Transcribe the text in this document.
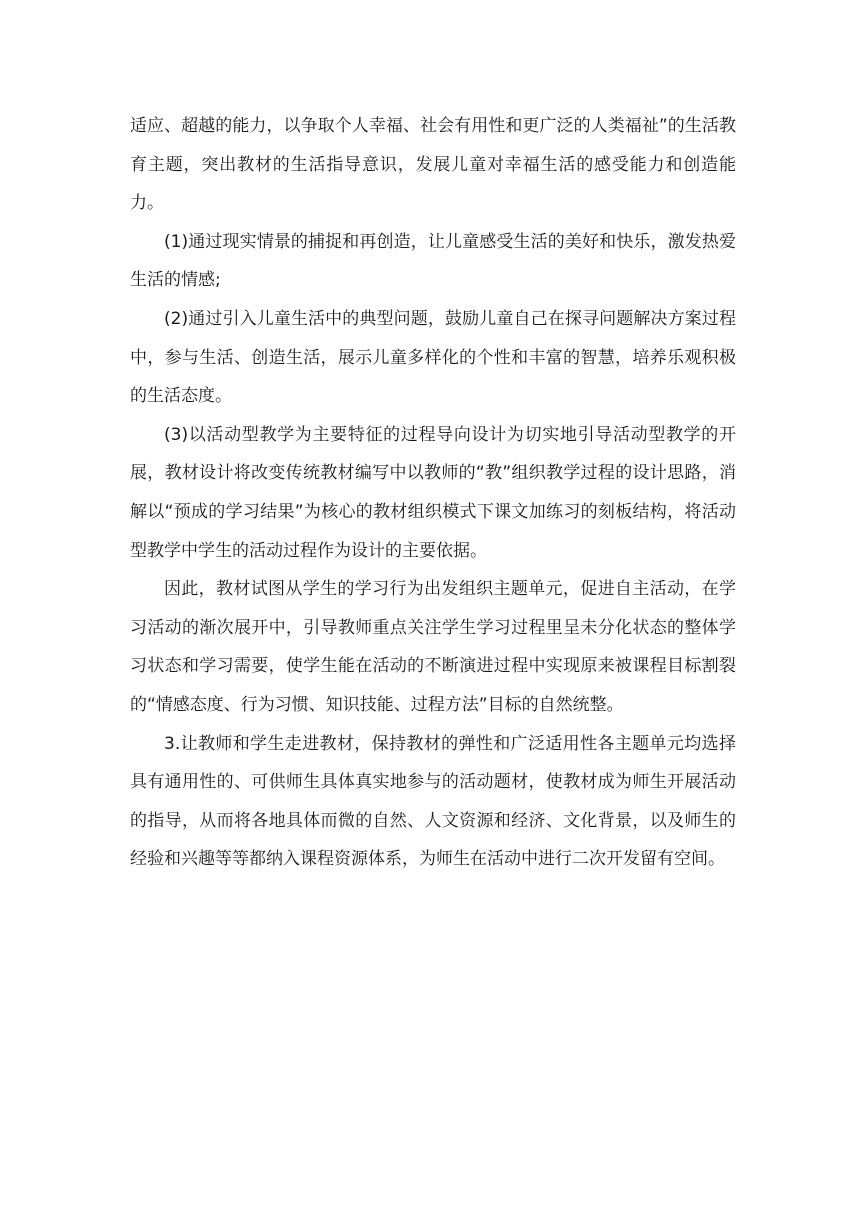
适应、超越的能力，以争取个人幸福、社会有用性和更广泛的人类福祉”的生活教育主题，突出教材的生活指导意识，发展儿童对幸福生活的感受能力和创造能力。

(1)通过现实情景的捕捉和再创造，让儿童感受生活的美好和快乐，激发热爱生活的情感;

(2)通过引入儿童生活中的典型问题，鼓励儿童自己在探寻问题解决方案过程中，参与生活、创造生活，展示儿童多样化的个性和丰富的智慧，培养乐观积极的生活态度。

(3)以活动型教学为主要特征的过程导向设计为切实地引导活动型教学的开展，教材设计将改变传统教材编写中以教师的“教”组织教学过程的设计思路，消解以“预成的学习结果”为核心的教材组织模式下课文加练习的刻板结构，将活动型教学中学生的活动过程作为设计的主要依据。

因此，教材试图从学生的学习行为出发组织主题单元，促进自主活动，在学习活动的渐次展开中，引导教师重点关注学生学习过程里呈未分化状态的整体学习状态和学习需要，使学生能在活动的不断演进过程中实现原来被课程目标割裂的“情感态度、行为习惯、知识技能、过程方法”目标的自然统整。

3.让教师和学生走进教材，保持教材的弹性和广泛适用性各主题单元均选择具有通用性的、可供师生具体真实地参与的活动题材，使教材成为师生开展活动的指导，从而将各地具体而微的自然、人文资源和经济、文化背景，以及师生的经验和兴趣等等都纳入课程资源体系，为师生在活动中进行二次开发留有空间。
